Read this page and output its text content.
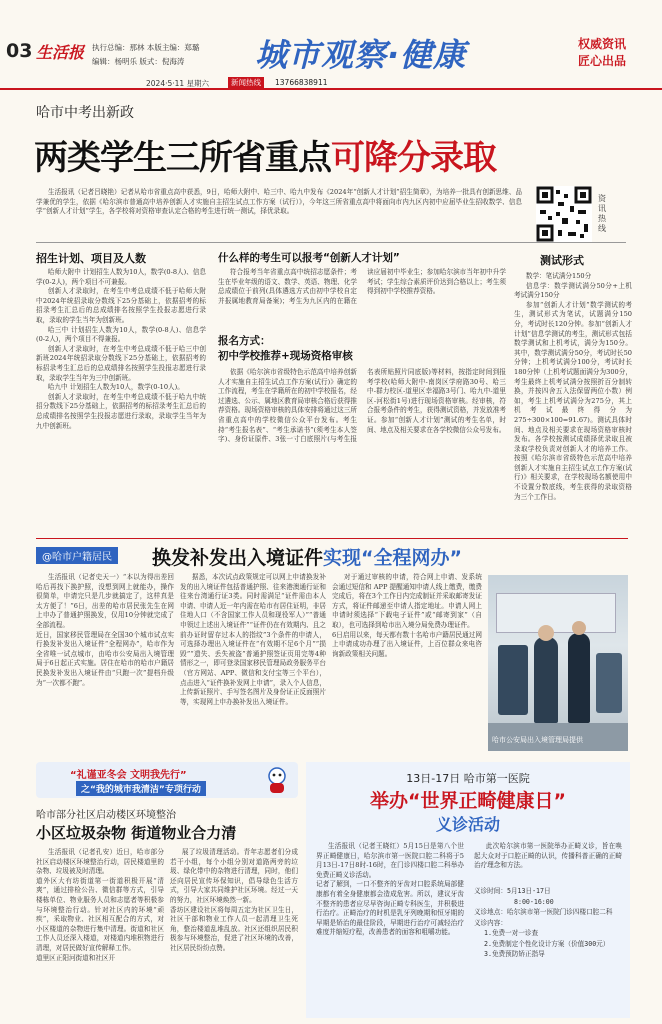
03 生活报 执行总编：那林 本版主编：郑璐
编辑：杨明乐 版式：倪海涛 城市观察·健康	权威资讯
匠心出品
2024·5·11 星期六	新闻热线	13766838911
哈市中考出新政
两类学生三所省重点可降分录取

生活报讯（记者吕晓艳）记者从哈市省重点高中获悉，9日，哈师大附中、哈三中、哈九中发布《2024年“创新人才计划”招生简章》，为培养一批具有创新思维、品学兼优的学生，依据《哈尔滨市普通高中培养创新人才实施自主招生试点工作方案（试行）》，今年这三所省重点高中将面向市内九区内初中应届毕业生招收数学、信息学“创新人才计划”学生，各学校将对资格审查认定合格的考生进行统一测试，择优录取。

资讯热线
招生计划、项目及人数

哈师大附中 计划招生人数为10人，数学(0-8人)、信息学(0-2人)，两个项目不可兼报。

创新人才录取时，在考生中考总成绩不低于哈师大附中2024年统招录取分数线下25分基础上，依据招考的标招录考生汇总后的总成绩排名按照学生投报志愿进行录取，录取的学生当年为创新班。

哈三中 计划招生人数为10人，数学(0-8人)、信息学(0-2人)，两个项目不得兼报。

创新人才录取时，在考生中考总成绩不低于哈三中创新班2024年统招录取分数线下25分基础上，依据招考的标招录考生汇总后的总成绩排名按照学生投报志愿进行录取，录取学生当年为三中创新班。

哈九中 计划招生人数为10人，数学(0-10人)。

创新人才录取时，在考生中考总成绩不低于哈九中统招分数线下25分基础上，依据招考的标招录考生汇总后的总成绩排名按照学生投报志愿进行录取，录取学生当年为九中创新班。

什么样的考生可以报考“创新人才计划”

符合报考当年省重点高中统招志愿条件；考生在毕业年级的语文、数学、英语、物理、化学总成绩位于前列(具体遴选方式由初中学校自定并报属地教育局备案)；考生为九区内的在籍在读应届初中毕业生；参加哈尔滨市当年初中升学考试；学生综合素质评价达到合格以上；考生须得到初中学校推荐资格。

报名方式：
初中学校推荐+现场资格审核

依据《哈尔滨市省级特色示范高中培养创新人才实施自主招生试点工作方案(试行)》确定的工作流程，考生在学籍所在的初中学校报名，经过遴选、公示、属地区教育局审核合格后获得推荐资格。现场资格审核的具体安排将通过这三所省重点高中的学校微信公众平台发布。考生持“考生报名表”、“考生承诺书”(须考生本人签字)、身份证原件、3张一寸白底照片(与考生报名表所贴照片同底版)等材料，按指定时间到报考学校(哈师大附中-南岗区学府路30号、哈三中-群力校区-道里区幸福路3号门、哈九中-道里区-河松街1号)进行现场资格审核。经审核，符合报考条件的考生，获得测试资格，并发放准考证。参加“创新人才计划”测试的考生名单，时间、地点及相关要求在各学校微信公众号发布。

测试形式

数学：笔试满分150分

信息学：数学测试满分50分+上机考试满分150分

参加“创新人才计划”数学测试的考生，测试形式为笔试，试题满分150分，考试时长120分钟。参加“创新人才计划”信息学测试的考生，测试形式包括数学测试和上机考试，满分为150分。其中，数学测试满分50分，考试时长50分钟；上机考试满分100分，考试时长180分钟（上机考试题面满分为300分，考生最终上机考试满分按照折百分制转换，并按四舍五入法保留两位小数）例如，考生上机考试满分为275分，其上机考试最终得分为 275÷300×100=91.67)。测试具体时间、地点及相关要求在现场资格审核时发布。各学校按测试成绩择优录取且被录取学校负责对创新人才的培养工作。按照《哈尔滨市省级特色示范高中培养创新人才实施自主招生试点工作方案(试行)》相关要求，在学校现场名额使用中不设置分数底线，考生获得的录取资格为三个工作日。

@哈市户籍居民	换发补发出入境证件实现“全程网办”

生活报讯（记者史天一）“本以为得出差回哈后再找下换护照，没想到网上就能办，操作很简单，申请完只是几步就搞定了，这样真是太方便了！”6日，出差的哈市居民张先生在网上申办了普通护照换发，仅用10分钟就完成了全部流程。
近日，国家移民管理局在全国30个城市试点实行换发补发出入境证件“全程网办”，哈市作为全省唯一试点城市，由哈市公安局出入境管理局于6日起正式实施。居住在哈市的哈市户籍居民换发补发出入境证件由“只跑一次”提档升级为“一次都不跑”。

据悉，本次试点政策规定可以网上申请换发补发的出入境证件包括普通护照、往来港澳通行证和往来台湾通行证3类。同时需满足“证件需由本人申请、申请人近一年内需在哈市有居住证明，非居住地人口（不含国家工作人员和现役军人）”“普通申领过上述出入境证件”“证件仍在有效期内、且之前办证时留存过本人的指纹”3个条件的申请人，可选择办理出入境证件在“有效期不足6个月”“损毁”“遗失、丢失被盗”普通护照签证页用完等4种情形之一，即可登录国家移民管理局政务服务平台（官方网站、APP、微信和支付宝等三个平台），点击进入“证件换补发网上申请”，录入个人信息，上传新证照片、手写签名图片及身份证正反面照片等，实现网上申办换补发出入境证件。

对于通过审核的申请，符合网上申请、发系统会通过短信和 APP 提醒通知申请人线上缴费，缴费完成后，将在3个工作日内完成制证并采取邮寄发证方式，将证件邮递至申请人指定地址。申请人网上申请时须选择“下载电子证件”或“邮寄到家”（自取），也可选择到哈市出入境分局免费办理证件。
6日启用以来，每天都有数十名哈市户籍居民通过网上申请成功办理了出入境证件，上百位群众来电咨询新政策相关问题。

哈市公安局出入境管理局提供
“礼谨亚冬会 文明我先行”
之“我的城市我清洁”专项行动
哈市部分社区启动楼区环境整治
小区垃圾杂物 街道物业合力清

生活报讯（记者孔安）近日，哈市部分社区启动楼区环境整治行动，居民楼道里的杂物、垃圾被及时清理。
道外区大有坊街道第一街道积极开展“清爽”，通过排检公告、微信群等方式，引导楼栋单位、物业服务人员和志愿者等积极参与环境整治行动。针对社区内的环境“顽疾”，采取物业、社区相互配合的方式，对小区楼道的杂物进行集中清理。街道和社区工作人员还深入楼道，对楼道内堆积物进行清理，对居民做好宣传解释工作。
道里区正阳河街道和社区开

展了垃圾清理活动。青年志愿者们分成若干小组，每个小组分别对道路两旁的垃圾、绿化带中的杂物进行清理，同时，他们还向居民宣传环保知识，倡导绿色生活方式，引导大家共同维护社区环境。经过一天的努力，社区环境焕然一新。
香坊区建设社区将每周五定为社区卫生日，社区干部和物业工作人员一起清理卫生死角，整治楼道乱堆乱放。社区还组织居民积极参与环境整治，促进了社区环境的改善，社区居民纷纷点赞。

13日-17日 哈市第一医院
举办“世界正畸健康日”
义诊活动

生活报讯（记者王晓红）5月15日是第八个世界正畸健康日，哈尔滨市第一医院口腔二科将于5月13日-17日8时-16时，在门诊四楼口腔二科举办免费正畸义诊活动。
记者了解到，一口不整齐的牙齿对口腔系统局部健康都有着全身健康都会造成危害。所以，建议牙齿不整齐的患者应尽早咨询正畸专科医生，并积极进行治疗。正畸治疗的时机是乳牙列晚期和恒牙期的早期是矫治的最佳阶段，早期进行治疗可减轻治疗难度并缩短疗程，改善患者的面容和咀嚼功能。

此次哈尔滨市第一医院举办正畸义诊，旨在唤起大众对于口腔正畸的认识，传播科普正确的正畸治疗理念和方法。

义诊时间：5月13日-17日
8:00-16:00
义诊地点：哈尔滨市第一医院门诊四楼口腔二科
义诊内容：
1.免费一对一诊查
2.免费制定个性化设计方案（价值300元）
3.免费预防矫正指导
